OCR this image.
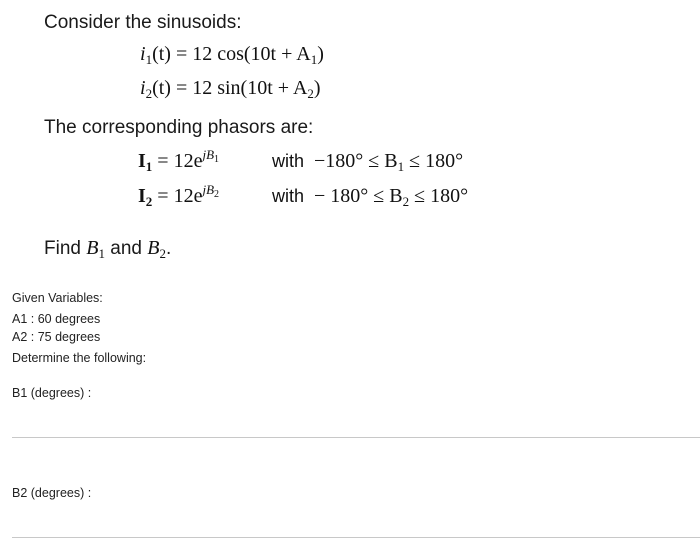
Consider the sinusoids:
$i_1(t) = 12$ $\cos(10t + A_1)$
$i_2(t) = 12$ $\sin(10t + A_2)$
The corresponding phasors are:
$I_1 = 12e^{jB_1}$	with $-180^\circ \le B_1 \le 180^\circ$
$I_2 = 12e^{jB_2}$	with − $180^\circ \le B_2 \le 180^\circ$
Find $B_1$ and $B_2$.
Given Variables:
A1 : 60 degrees
A2 : 75 degrees
Determine the following:
B1 (degrees) :
B2 (degrees) :
